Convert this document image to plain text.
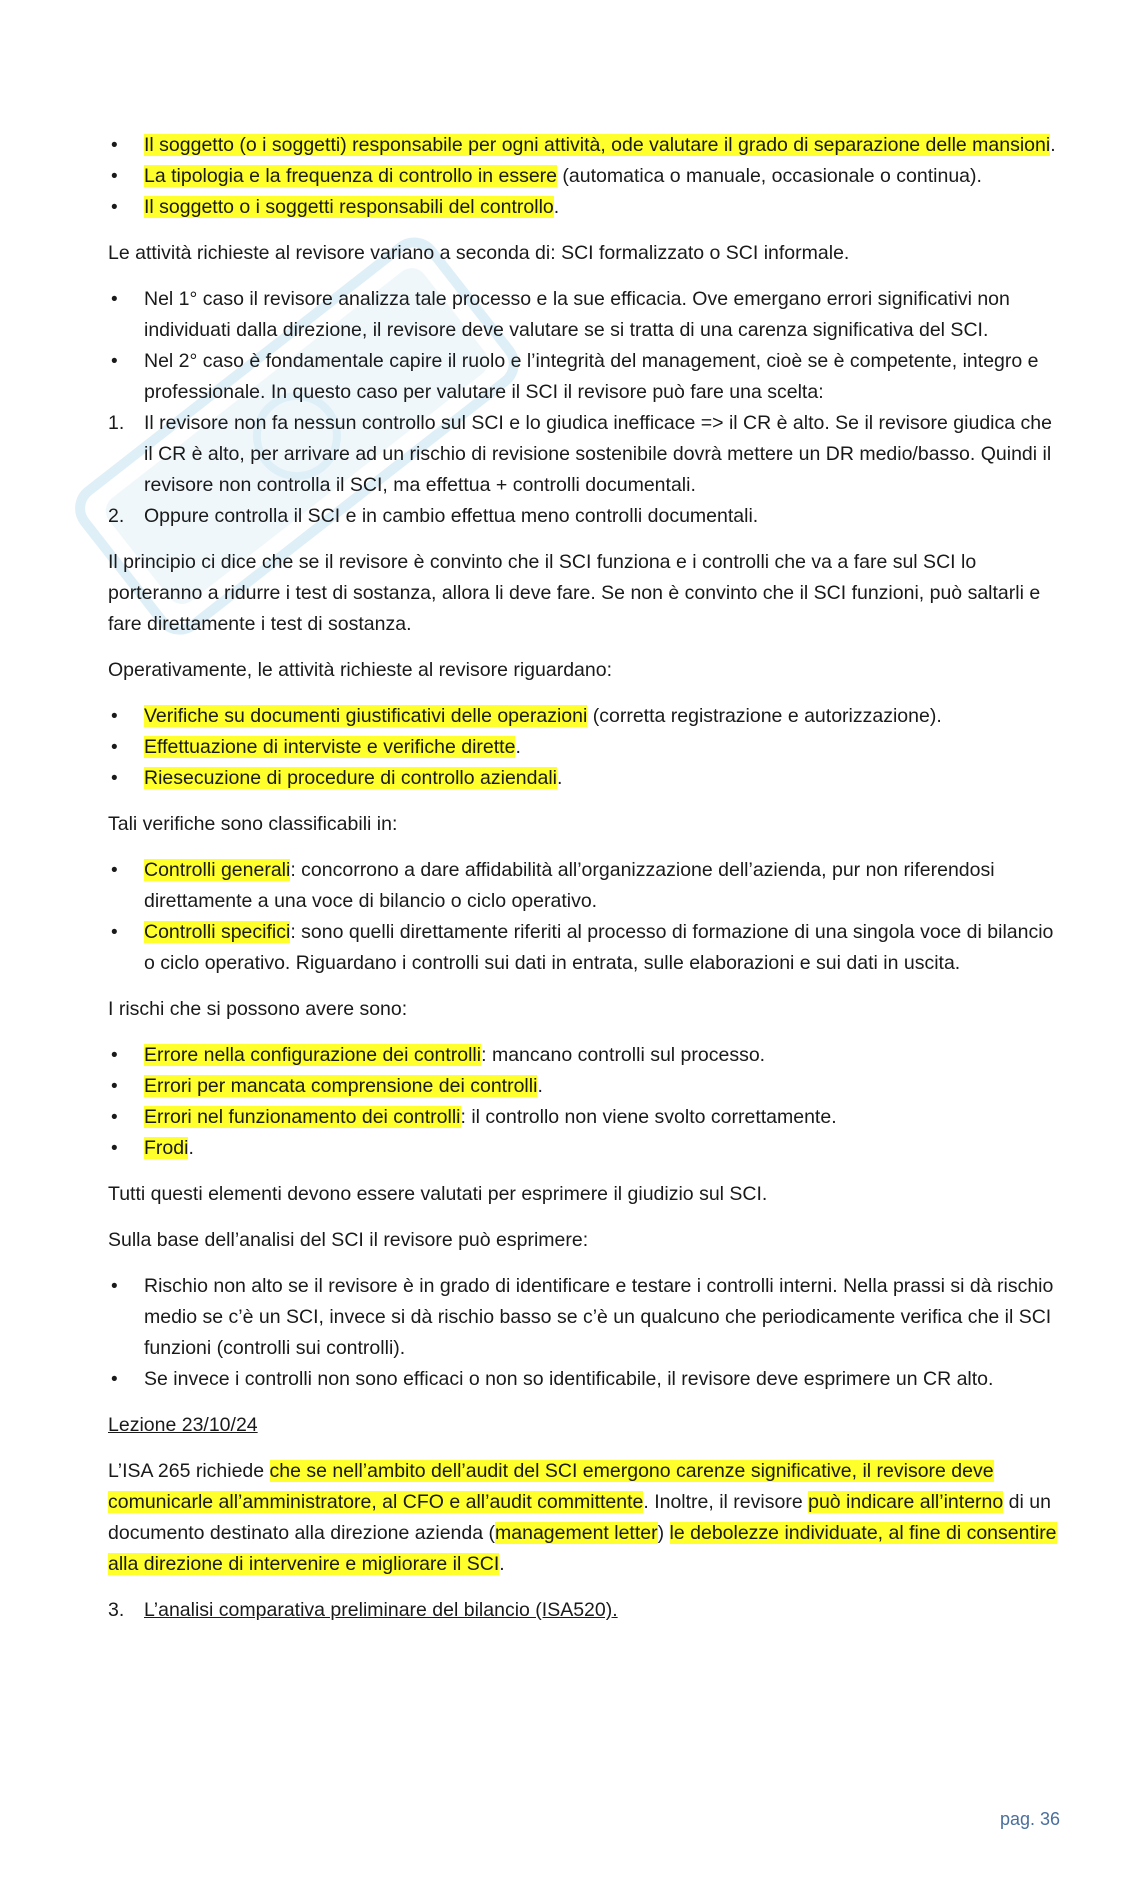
• Il soggetto (o i soggetti) responsabile per ogni attività, ode valutare il grado di separazione delle mansioni.
• La tipologia e la frequenza di controllo in essere (automatica o manuale, occasionale o continua).
• Il soggetto o i soggetti responsabili del controllo.

Le attività richieste al revisore variano a seconda di: SCI formalizzato o SCI informale.

• Nel 1° caso il revisore analizza tale processo e la sue efficacia. Ove emergano errori significativi non individuati dalla direzione, il revisore deve valutare se si tratta di una carenza significativa del SCI.
• Nel 2° caso è fondamentale capire il ruolo e l’integrità del management, cioè se è competente, integro e professionale. In questo caso per valutare il SCI il revisore può fare una scelta:
1. Il revisore non fa nessun controllo sul SCI e lo giudica inefficace => il CR è alto. Se il revisore giudica che il CR è alto, per arrivare ad un rischio di revisione sostenibile dovrà mettere un DR medio/basso. Quindi il revisore non controlla il SCI, ma effettua + controlli documentali.
2. Oppure controlla il SCI e in cambio effettua meno controlli documentali.

Il principio ci dice che se il revisore è convinto che il SCI funziona e i controlli che va a fare sul SCI lo porteranno a ridurre i test di sostanza, allora li deve fare. Se non è convinto che il SCI funzioni, può saltarli e fare direttamente i test di sostanza.

Operativamente, le attività richieste al revisore riguardano:

• Verifiche su documenti giustificativi delle operazioni (corretta registrazione e autorizzazione).
• Effettuazione di interviste e verifiche dirette.
• Riesecuzione di procedure di controllo aziendali.

Tali verifiche sono classificabili in:

• Controlli generali: concorrono a dare affidabilità all’organizzazione dell’azienda, pur non riferendosi direttamente a una voce di bilancio o ciclo operativo.
• Controlli specifici: sono quelli direttamente riferiti al processo di formazione di una singola voce di bilancio o ciclo operativo. Riguardano i controlli sui dati in entrata, sulle elaborazioni e sui dati in uscita.

I rischi che si possono avere sono:

• Errore nella configurazione dei controlli: mancano controlli sul processo.
• Errori per mancata comprensione dei controlli.
• Errori nel funzionamento dei controlli: il controllo non viene svolto correttamente.
• Frodi.

Tutti questi elementi devono essere valutati per esprimere il giudizio sul SCI.

Sulla base dell’analisi del SCI il revisore può esprimere:

• Rischio non alto se il revisore è in grado di identificare e testare i controlli interni. Nella prassi si dà rischio medio se c’è un SCI, invece si dà rischio basso se c’è un qualcuno che periodicamente verifica che il SCI funzioni (controlli sui controlli).
• Se invece i controlli non sono efficaci o non so identificabile, il revisore deve esprimere un CR alto.

Lezione 23/10/24

L’ISA 265 richiede che se nell’ambito dell’audit del SCI emergono carenze significative, il revisore deve comunicarle all’amministratore, al CFO e all’audit committente. Inoltre, il revisore può indicare all’interno di un documento destinato alla direzione azienda (management letter) le debolezze individuate, al fine di consentire alla direzione di intervenire e migliorare il SCI.

3. L’analisi comparativa preliminare del bilancio (ISA520).
pag. 36
